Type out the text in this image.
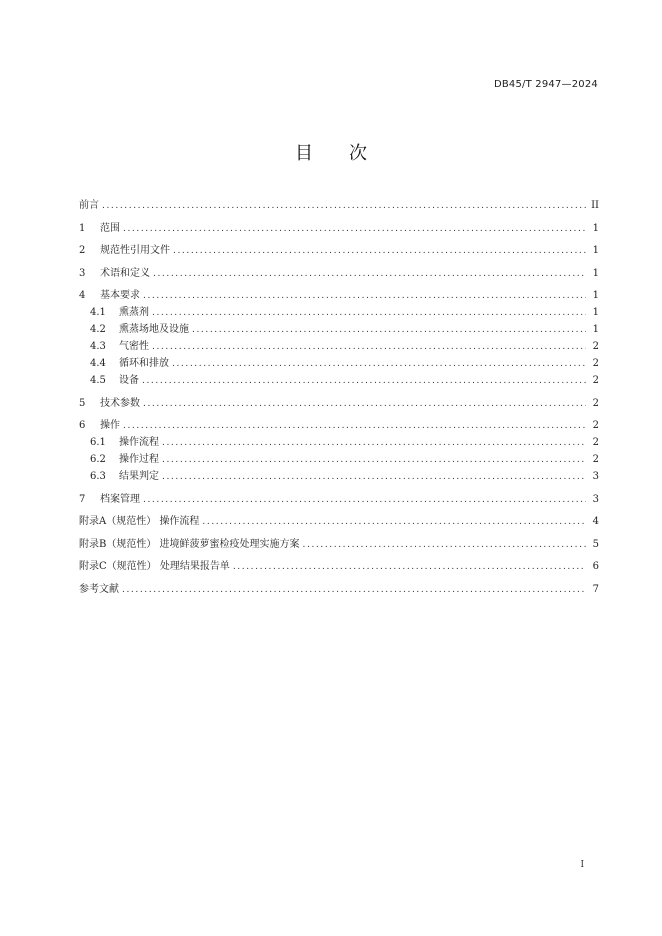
DB45/T 2947—2024
目 次
前言 .....	II
1	范围 .....	1
2	规范性引用文件 .....	1
3	术语和定义 .....	1
4	基本要求 .....	1
4.1	熏蒸剂 .....	1
4.2	熏蒸场地及设施 .....	1
4.3	气密性 .....	2
4.4	循环和排放 .....	2
4.5	设备 .....	2
5	技术参数 .....	2
6	操作 .....	2
6.1	操作流程 .....	2
6.2	操作过程 .....	2
6.3	结果判定 .....	3
7	档案管理 .....	3
附录A（规范性） 操作流程 .....	4
附录B（规范性） 进境鲜菠萝蜜检疫处理实施方案 .....	5
附录C（规范性） 处理结果报告单 .....	6
参考文献 .....	7
I
